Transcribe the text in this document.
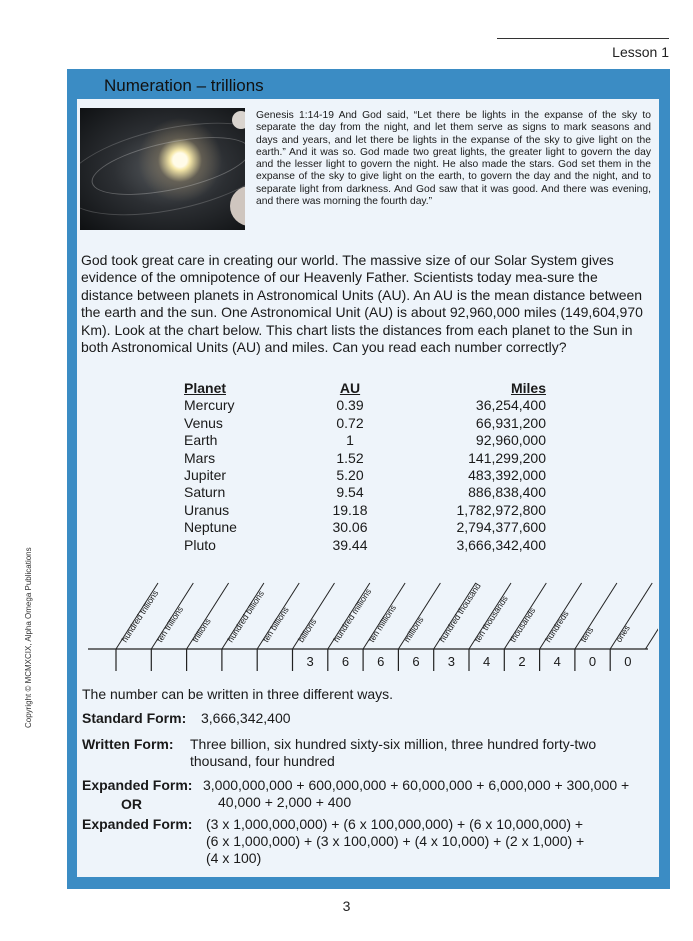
Lesson 1
Copyright © MCMXCIX, Alpha Omega Publications
Numeration – trillions
Genesis 1:14-19 And God said, “Let there be lights in the expanse of the sky to separate the day from the night, and let them serve as signs to mark seasons and days and years, and let there be lights in the expanse of the sky to give light on the earth.” And it was so. God made two great lights, the greater light to govern the day and the lesser light to govern the night. He also made the stars. God set them in the expanse of the sky to give light on the earth, to govern the day and the night, and to separate light from darkness. And God saw that it was good. And there was evening, and there was morning the fourth day.”
God took great care in creating our world. The massive size of our Solar System gives evidence of the omnipotence of our Heavenly Father. Scientists today mea-sure the distance between planets in Astronomical Units (AU). An AU is the mean distance between the earth and the sun. One Astronomical Unit (AU) is about 92,960,000 miles (149,604,970 Km). Look at the chart below. This chart lists the distances from each planet to the Sun in both Astronomical Units (AU) and miles. Can you read each number correctly?
Planet
Mercury
Venus
Earth
Mars
Jupiter
Saturn
Uranus
Neptune
Pluto
AU
0.39
0.72
1
1.52
5.20
9.54
19.18
30.06
39.44
Miles
36,254,400
66,931,200
92,960,000
141,299,200
483,392,000
886,838,400
1,782,972,800
2,794,377,600
3,666,342,400
hundred trillions
ten trillions trillions hundred billions
ten billions billions
3
hundred millions
6
ten millions
6
millions
6
hundred thousand
3
ten thousands
4
thousands
2
hundreds
4
tens
0
ones
0
The number can be written in three different ways.
Standard Form: 3,666,342,400
Written Form: Three billion, six hundred sixty-six million, three hundred forty-two
thousand, four hundred
Expanded Form: 3,000,000,000 + 600,000,000 + 60,000,000 + 6,000,000 + 300,000 +
OR	40,000 + 2,000 + 400
Expanded Form: (3 x 1,000,000,000) + (6 x 100,000,000) + (6 x 10,000,000) +
(6 x 1,000,000) + (3 x 100,000) + (4 x 10,000) + (2 x 1,000) +
(4 x 100)
3
